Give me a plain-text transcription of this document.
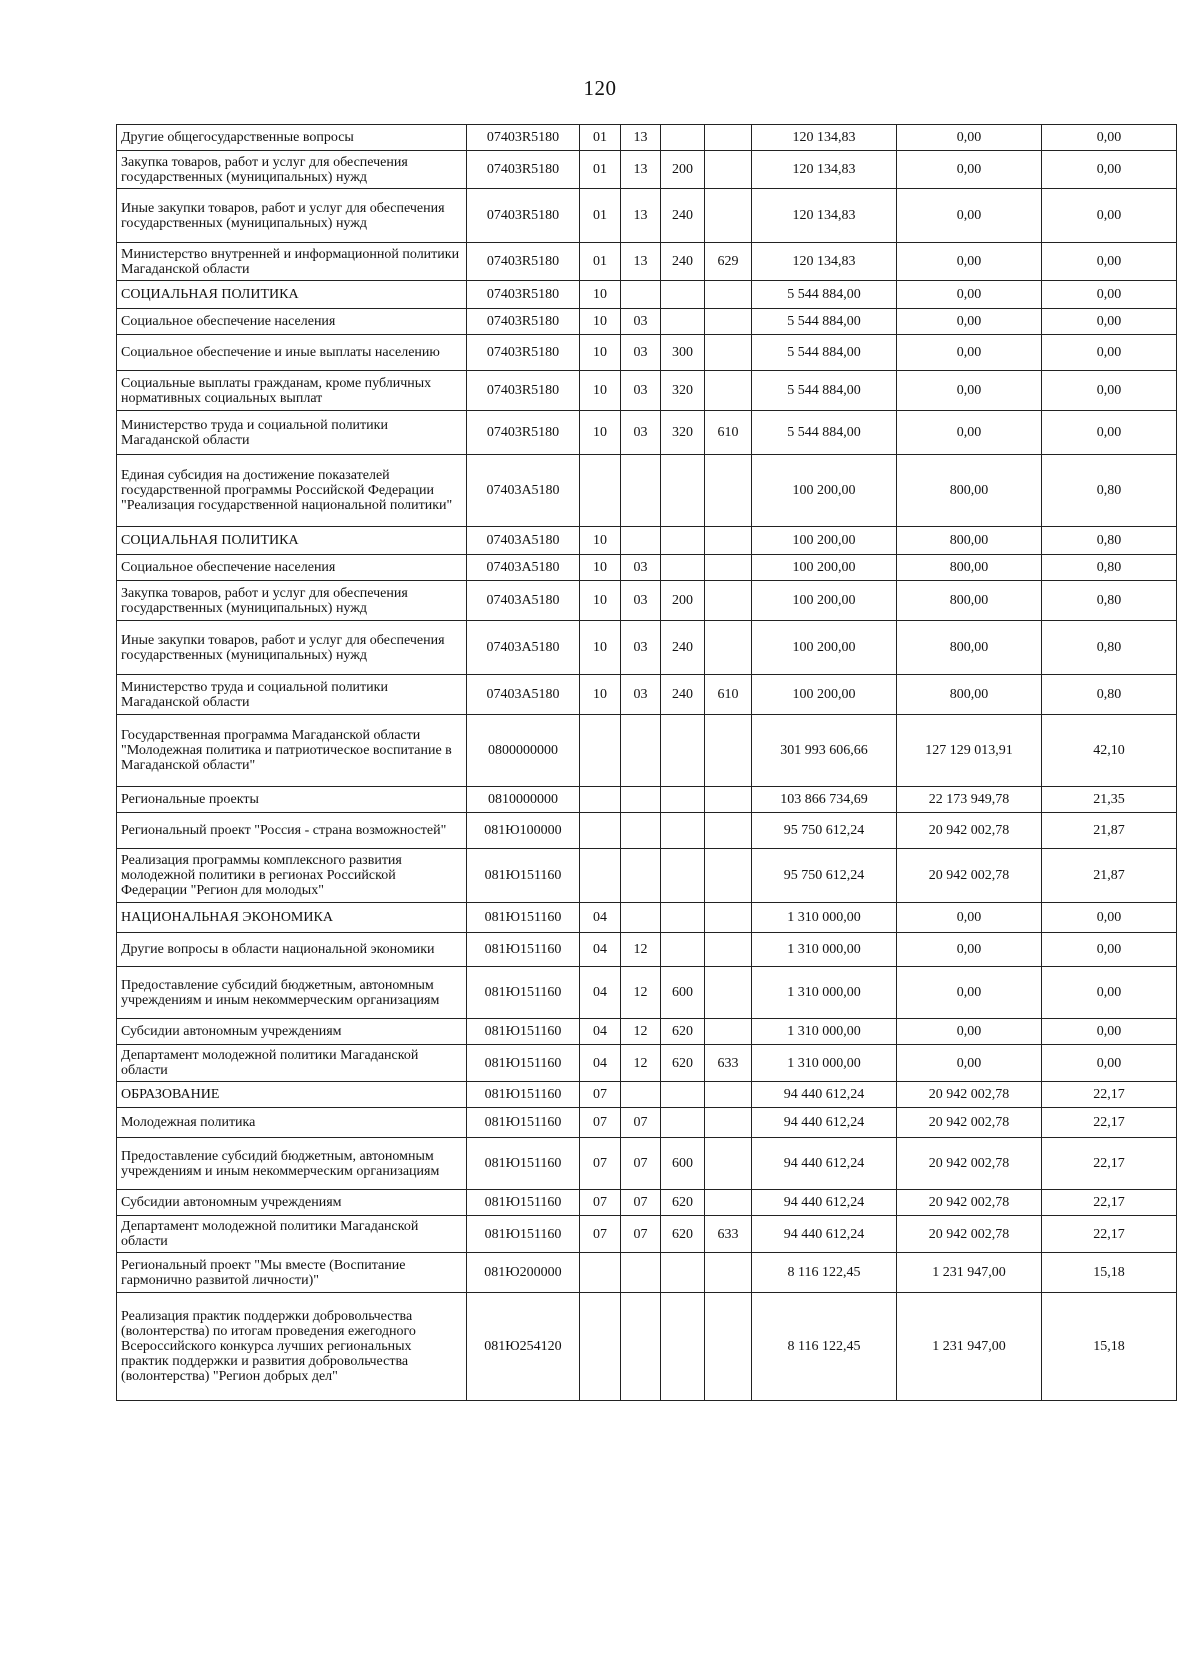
120
Другие общегосударственные вопросы	07403R5180	01	13			120 134,83	0,00	0,00
Закупка товаров, работ и услуг для обеспечения государственных (муниципальных) нужд	07403R5180	01	13	200		120 134,83	0,00	0,00
Иные закупки товаров, работ и услуг для обеспечения государственных (муниципальных) нужд	07403R5180	01	13	240		120 134,83	0,00	0,00
Министерство внутренней и информационной политики Магаданской области	07403R5180	01	13	240	629	120 134,83	0,00	0,00
СОЦИАЛЬНАЯ ПОЛИТИКА	07403R5180	10				5 544 884,00	0,00	0,00
Социальное обеспечение населения	07403R5180	10	03			5 544 884,00	0,00	0,00
Социальное обеспечение и иные выплаты населению	07403R5180	10	03	300		5 544 884,00	0,00	0,00
Социальные выплаты гражданам, кроме публичных нормативных социальных выплат	07403R5180	10	03	320		5 544 884,00	0,00	0,00
Министерство труда и социальной политики Магаданской области	07403R5180	10	03	320	610	5 544 884,00	0,00	0,00
Единая субсидия на достижение показателей государственной программы Российской Федерации "Реализация государственной национальной политики"	07403A5180					100 200,00	800,00	0,80
СОЦИАЛЬНАЯ ПОЛИТИКА	07403A5180	10				100 200,00	800,00	0,80
Социальное обеспечение населения	07403A5180	10	03			100 200,00	800,00	0,80
Закупка товаров, работ и услуг для обеспечения государственных (муниципальных) нужд	07403A5180	10	03	200		100 200,00	800,00	0,80
Иные закупки товаров, работ и услуг для обеспечения государственных (муниципальных) нужд	07403A5180	10	03	240		100 200,00	800,00	0,80
Министерство труда и социальной политики Магаданской области	07403A5180	10	03	240	610	100 200,00	800,00	0,80
Государственная программа Магаданской области "Молодежная политика и патриотическое воспитание в Магаданской области"	0800000000					301 993 606,66	127 129 013,91	42,10
Региональные проекты	0810000000					103 866 734,69	22 173 949,78	21,35
Региональный проект "Россия - страна возможностей"	081Ю100000					95 750 612,24	20 942 002,78	21,87
Реализация программы комплексного развития молодежной политики в регионах Российской Федерации "Регион для молодых"	081Ю151160					95 750 612,24	20 942 002,78	21,87
НАЦИОНАЛЬНАЯ ЭКОНОМИКА	081Ю151160	04				1 310 000,00	0,00	0,00
Другие вопросы в области национальной экономики	081Ю151160	04	12			1 310 000,00	0,00	0,00
Предоставление субсидий бюджетным, автономным учреждениям и иным некоммерческим организациям	081Ю151160	04	12	600		1 310 000,00	0,00	0,00
Субсидии автономным учреждениям	081Ю151160	04	12	620		1 310 000,00	0,00	0,00
Департамент молодежной политики Магаданской области	081Ю151160	04	12	620	633	1 310 000,00	0,00	0,00
ОБРАЗОВАНИЕ	081Ю151160	07				94 440 612,24	20 942 002,78	22,17
Молодежная политика	081Ю151160	07	07			94 440 612,24	20 942 002,78	22,17
Предоставление субсидий бюджетным, автономным учреждениям и иным некоммерческим организациям	081Ю151160	07	07	600		94 440 612,24	20 942 002,78	22,17
Субсидии автономным учреждениям	081Ю151160	07	07	620		94 440 612,24	20 942 002,78	22,17
Департамент молодежной политики Магаданской области	081Ю151160	07	07	620	633	94 440 612,24	20 942 002,78	22,17
Региональный проект "Мы вместе (Воспитание гармонично развитой личности)"	081Ю200000					8 116 122,45	1 231 947,00	15,18
Реализация практик поддержки добровольчества (волонтерства) по итогам проведения ежегодного Всероссийского конкурса лучших региональных практик поддержки и развития добровольчества (волонтерства) "Регион добрых дел"	081Ю254120					8 116 122,45	1 231 947,00	15,18
